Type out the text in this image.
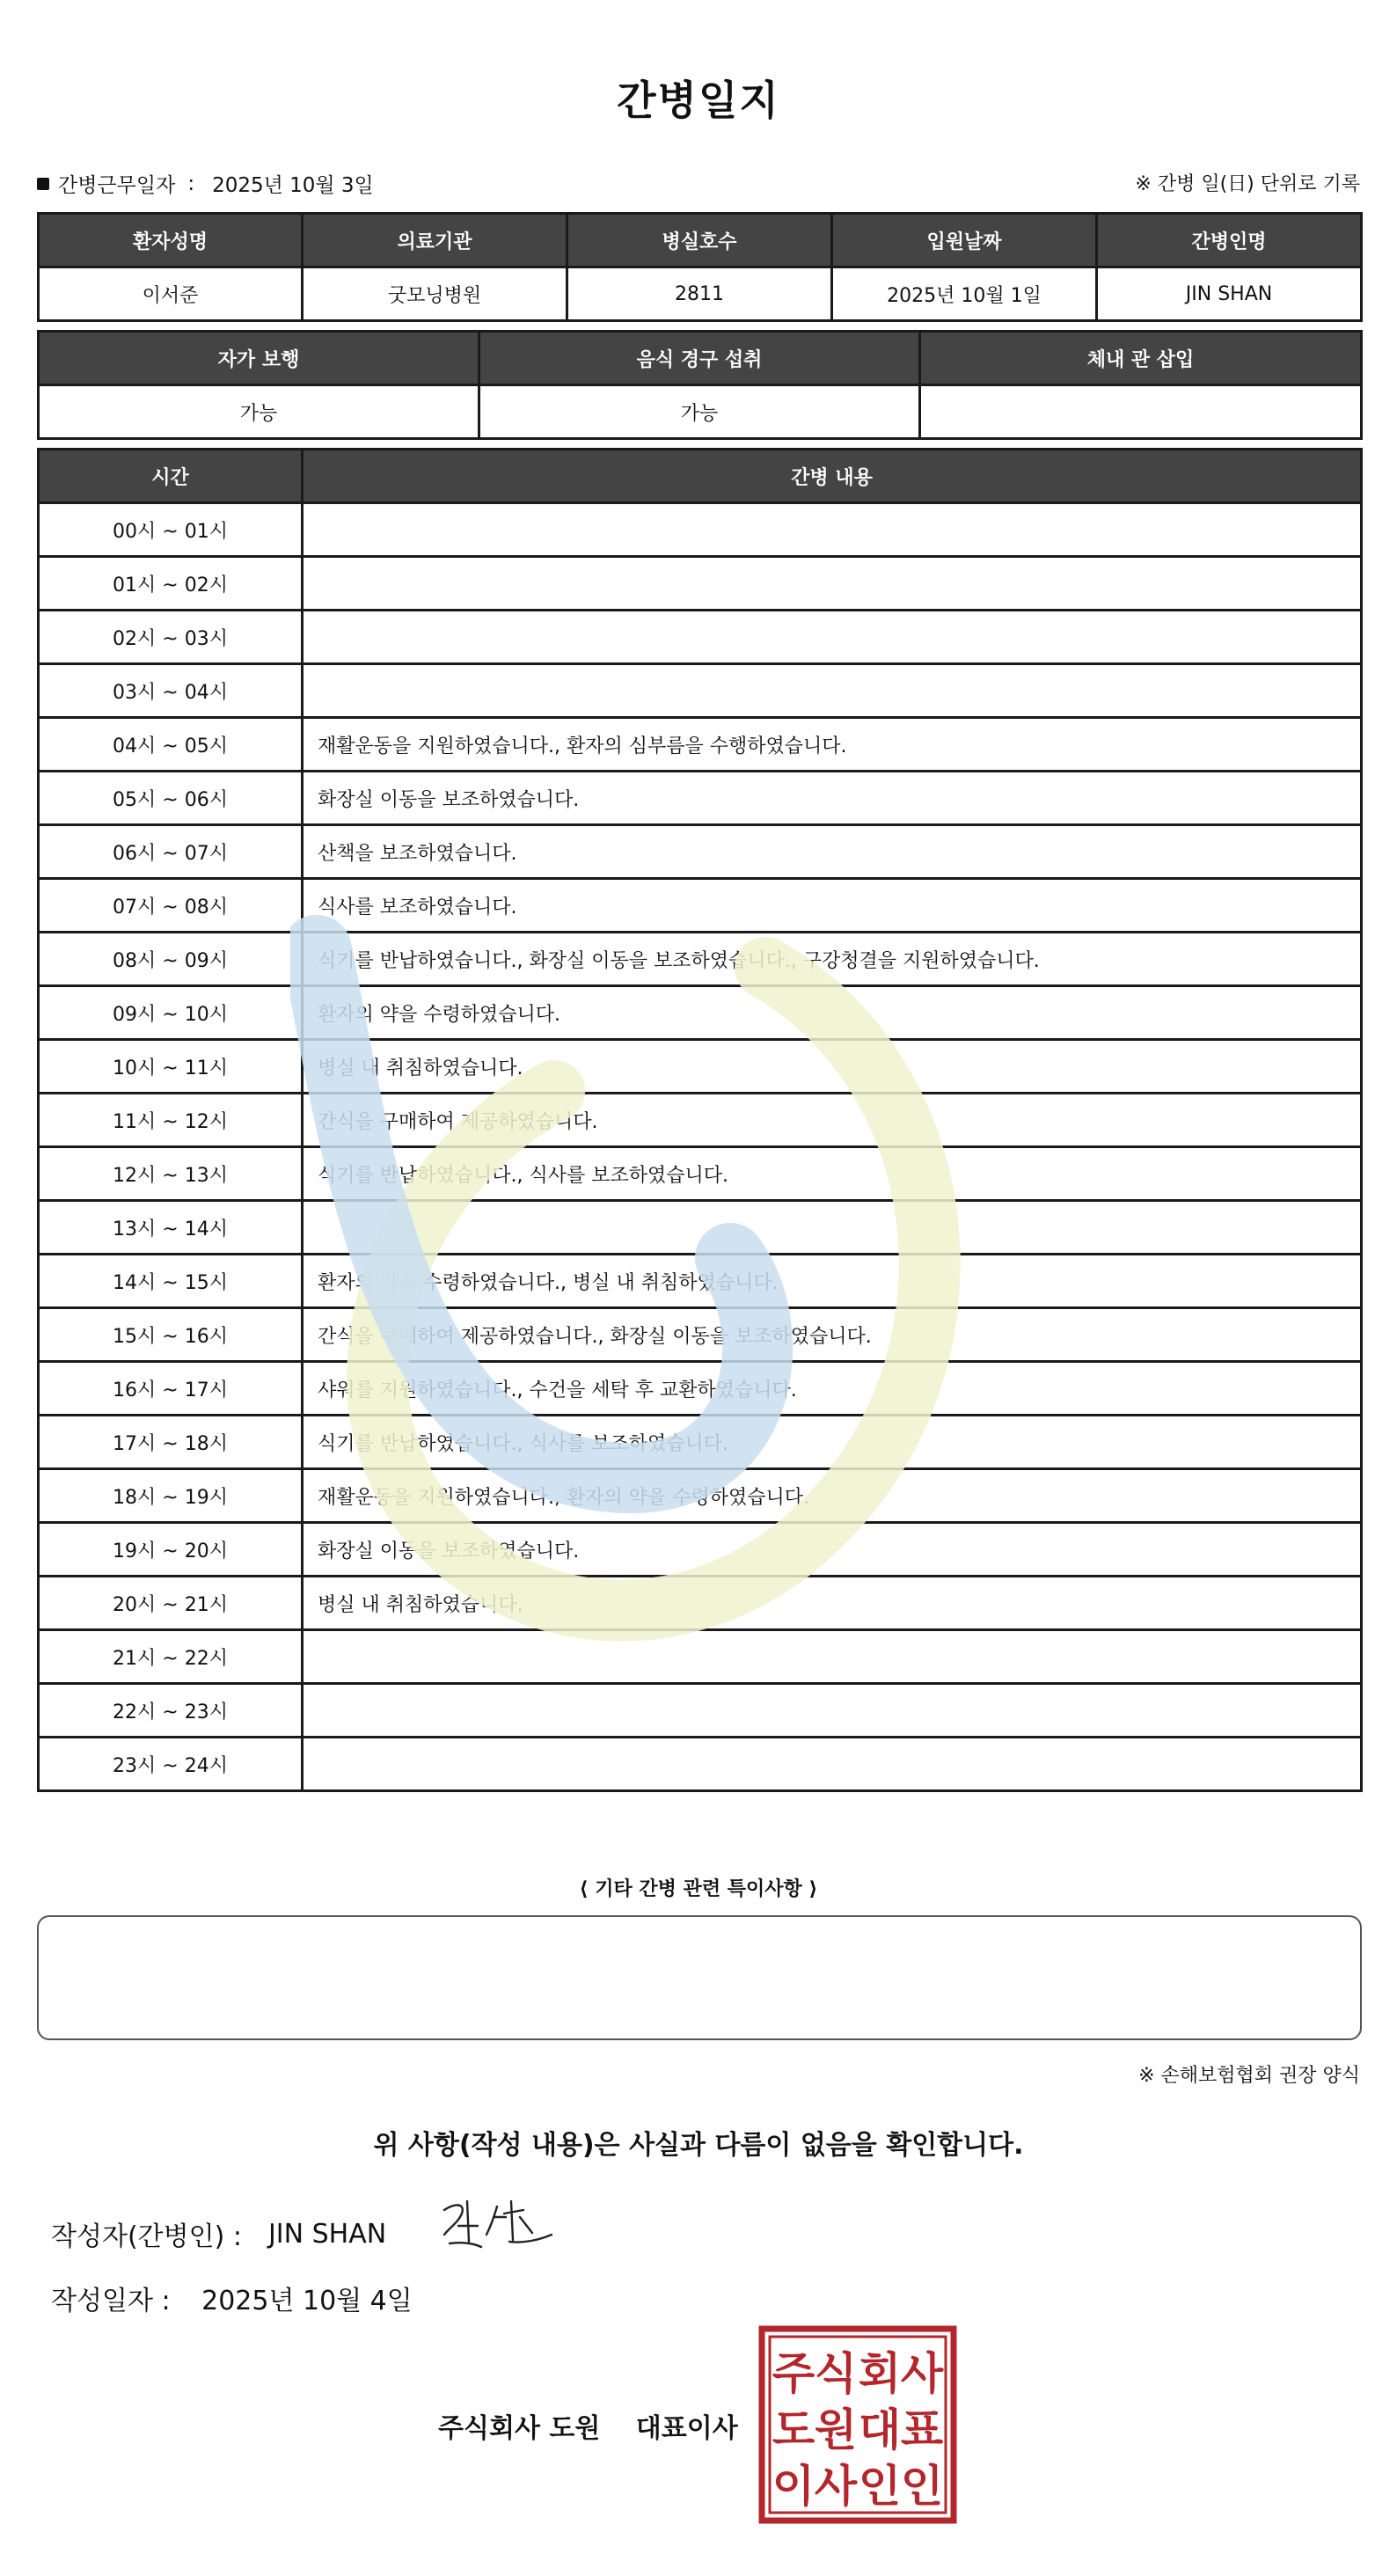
간병일지
간병근무일자 : 2025년 10월 3일	※ 간병 일(日) 단위로 기록
환자성명	의료기관	병실호수	입원날짜	간병인명
이서준	굿모닝병원	2811	2025년 10월 1일	JIN SHAN
자가 보행	음식 경구 섭취	체내 관 삽입
가능	가능	
시간	간병 내용
00시 ~ 01시	
01시 ~ 02시	
02시 ~ 03시	
03시 ~ 04시	
04시 ~ 05시	재활운동을 지원하였습니다., 환자의 심부름을 수행하였습니다.
05시 ~ 06시	화장실 이동을 보조하였습니다.
06시 ~ 07시	산책을 보조하였습니다.
07시 ~ 08시	식사를 보조하였습니다.
08시 ~ 09시	식기를 반납하였습니다., 화장실 이동을 보조하였습니다., 구강청결을 지원하였습니다.
09시 ~ 10시	환자의 약을 수령하였습니다.
10시 ~ 11시	병실 내 취침하였습니다.
11시 ~ 12시	간식을 구매하여 제공하였습니다.
12시 ~ 13시	식기를 반납하였습니다., 식사를 보조하였습니다.
13시 ~ 14시	
14시 ~ 15시	환자의 약을 수령하였습니다., 병실 내 취침하였습니다.
15시 ~ 16시	간식을 구매하여 제공하였습니다., 화장실 이동을 보조하였습니다.
16시 ~ 17시	샤워를 지원하였습니다., 수건을 세탁 후 교환하였습니다.
17시 ~ 18시	식기를 반납하였습니다., 식사를 보조하였습니다.
18시 ~ 19시	재활운동을 지원하였습니다., 환자의 약을 수령하였습니다.
19시 ~ 20시	화장실 이동을 보조하였습니다.
20시 ~ 21시	병실 내 취침하였습니다.
21시 ~ 22시	
22시 ~ 23시	
23시 ~ 24시	
⟨ 기타 간병 관련 특이사항 ⟩
※ 손해보험협회 권장 양식
위 사항(작성 내용)은 사실과 다름이 없음을 확인합니다.
작성자(간병인) : JIN SHAN
작성일자 : 2025년 10월 4일
주식회사 도원 대표이사
주 식 회 사
도 원 대 표
이 사 인 인
